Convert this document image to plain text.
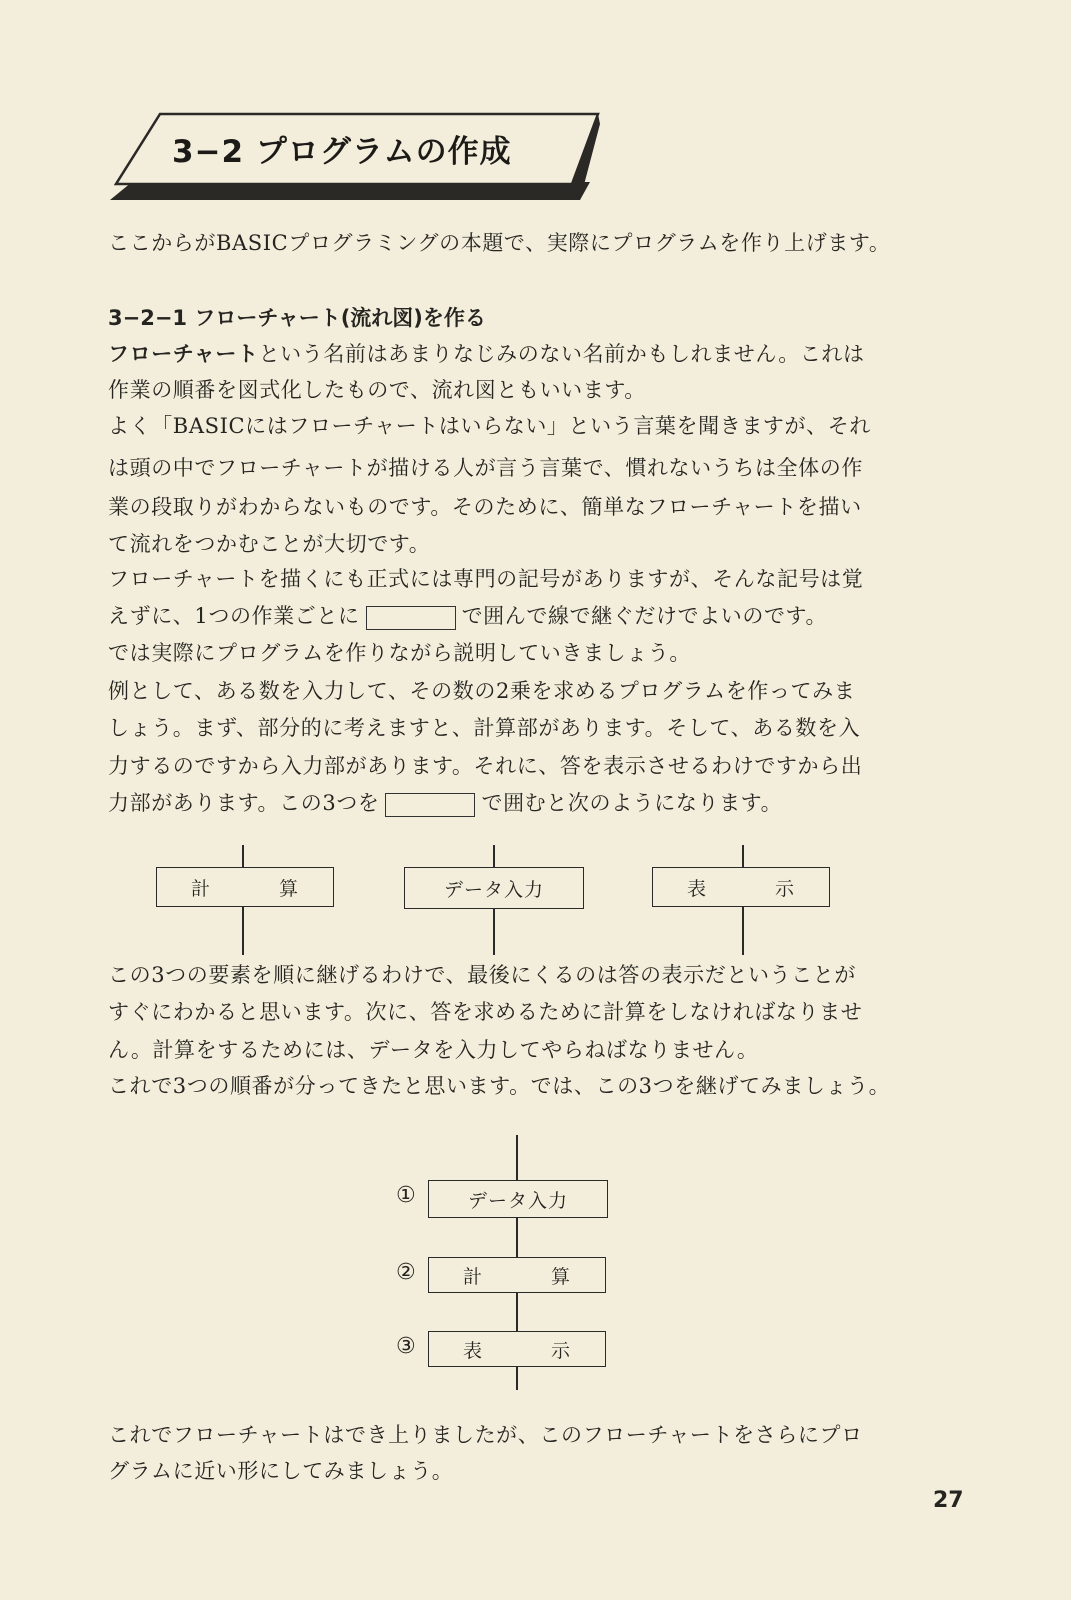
3−2 プログラムの作成
ここからがBASICプログラミングの本題で、実際にプログラムを作り上げます。
3−2−1 フローチャート(流れ図)を作る
フローチャートという名前はあまりなじみのない名前かもしれません。これは
作業の順番を図式化したもので、流れ図ともいいます。
よく「BASICにはフローチャートはいらない」という言葉を聞きますが、それ
は頭の中でフローチャートが描ける人が言う言葉で、慣れないうちは全体の作
業の段取りがわからないものです。そのために、簡単なフローチャートを描い
て流れをつかむことが大切です。
フローチャートを描くにも正式には専門の記号がありますが、そんな記号は覚
えずに、1つの作業ごとに	で囲んで線で継ぐだけでよいのです。
では実際にプログラムを作りながら説明していきましょう。
例として、ある数を入力して、その数の2乗を求めるプログラムを作ってみま
しょう。まず、部分的に考えますと、計算部があります。そして、ある数を入
力するのですから入力部があります。それに、答を表示させるわけですから出
力部があります。この3つを	で囲むと次のようになります。
計	算	データ入力	表	示
この3つの要素を順に継げるわけで、最後にくるのは答の表示だということが
すぐにわかると思います。次に、答を求めるために計算をしなければなりませ
ん。計算をするためには、データを入力してやらねばなりません。
これで3つの順番が分ってきたと思います。では、この3つを継げてみましょう。
①	データ入力
② 計	算
③ 表	示
これでフローチャートはでき上りましたが、このフローチャートをさらにプロ
グラムに近い形にしてみましょう。
27
